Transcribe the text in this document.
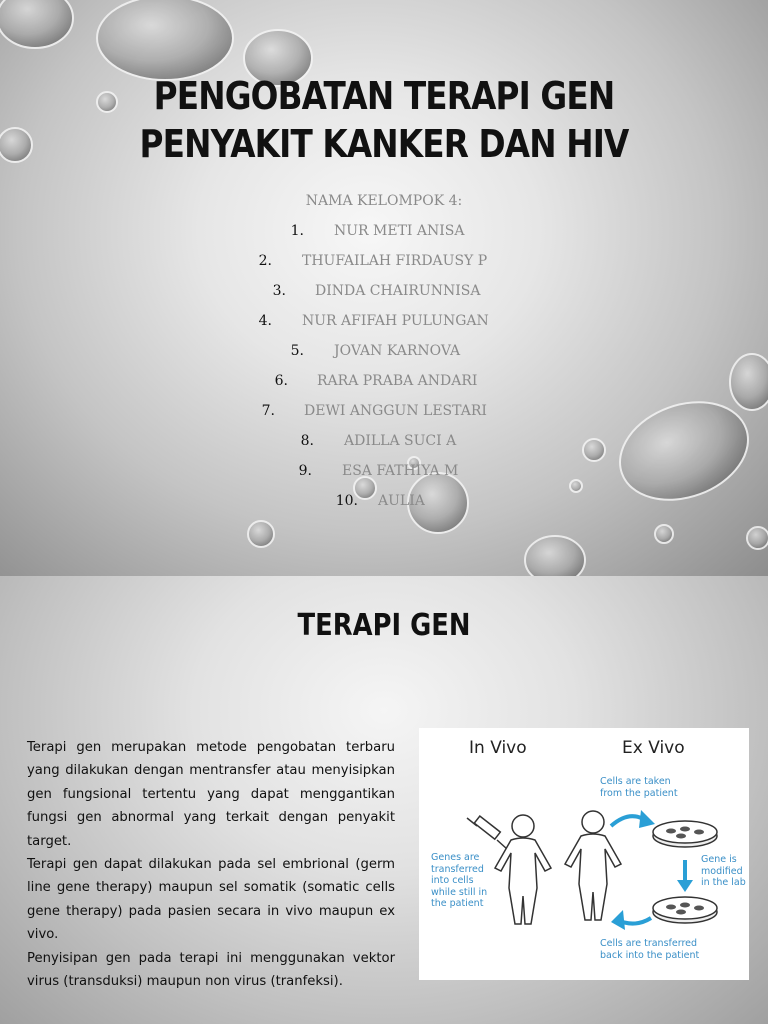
PENGOBATAN TERAPI GEN
PENYAKIT KANKER DAN HIV
NAMA KELOMPOK 4:
1. NUR METI ANISA
2. THUFAILAH FIRDAUSY P
3. DINDA CHAIRUNNISA
4. NUR AFIFAH PULUNGAN
5. JOVAN KARNOVA
6. RARA PRABA ANDARI
7. DEWI ANGGUN LESTARI
8. ADILLA SUCI A
9. ESA FATHIYA M
10. AULIA
TERAPI GEN

Terapi gen merupakan metode pengobatan terbaru yang dilakukan dengan mentransfer atau menyisipkan gen fungsional tertentu yang dapat menggantikan fungsi gen abnormal yang terkait dengan penyakit target.

Terapi gen dapat dilakukan pada sel embrional (germ line gene therapy) maupun sel somatik (somatic cells gene therapy) pada pasien secara in vivo maupun ex vivo.

Penyisipan gen pada terapi ini menggunakan vektor virus (transduksi) maupun non virus (tranfeksi).

In Vivo	Ex Vivo
Cells are taken
from the patient
Genes are
transferred
into cells
while still in
the patient
Gene is
modified
in the lab
Cells are transferred
back into the patient
